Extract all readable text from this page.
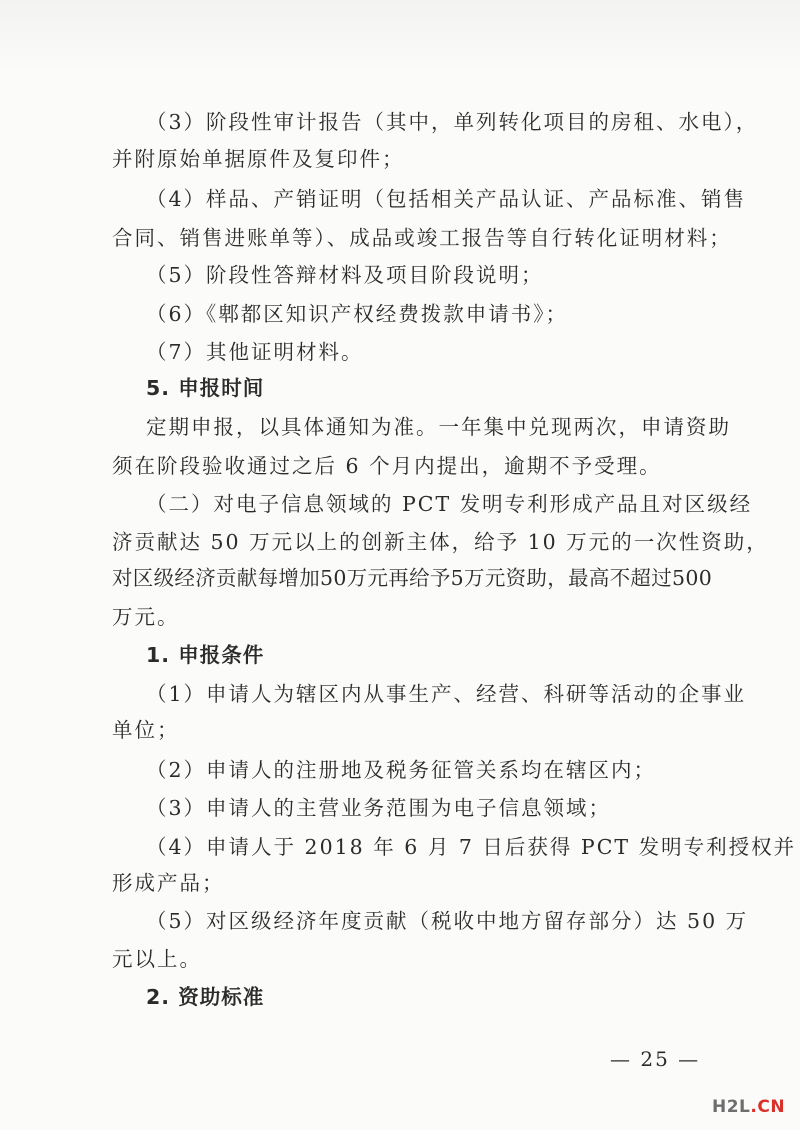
（3）阶段性审计报告（其中，单列转化项目的房租、水电），
并附原始单据原件及复印件；
（4）样品、产销证明（包括相关产品认证、产品标准、销售
合同、销售进账单等）、成品或竣工报告等自行转化证明材料；
（5）阶段性答辩材料及项目阶段说明；
（6）《郫都区知识产权经费拨款申请书》；
（7）其他证明材料。
5. 申报时间
定期申报，以具体通知为准。一年集中兑现两次，申请资助
须在阶段验收通过之后 6 个月内提出，逾期不予受理。
（二）对电子信息领域的 PCT 发明专利形成产品且对区级经
济贡献达 50 万元以上的创新主体，给予 10 万元的一次性资助，
对区级经济贡献每增加50万元再给予5万元资助，最高不超过500
万元。
1. 申报条件
（1）申请人为辖区内从事生产、经营、科研等活动的企事业
单位；
（2）申请人的注册地及税务征管关系均在辖区内；
（3）申请人的主营业务范围为电子信息领域；
（4）申请人于 2018 年 6 月 7 日后获得 PCT 发明专利授权并
形成产品；
（5）对区级经济年度贡献（税收中地方留存部分）达 50 万
元以上。
2. 资助标准
— 25 —
H2L.CN
